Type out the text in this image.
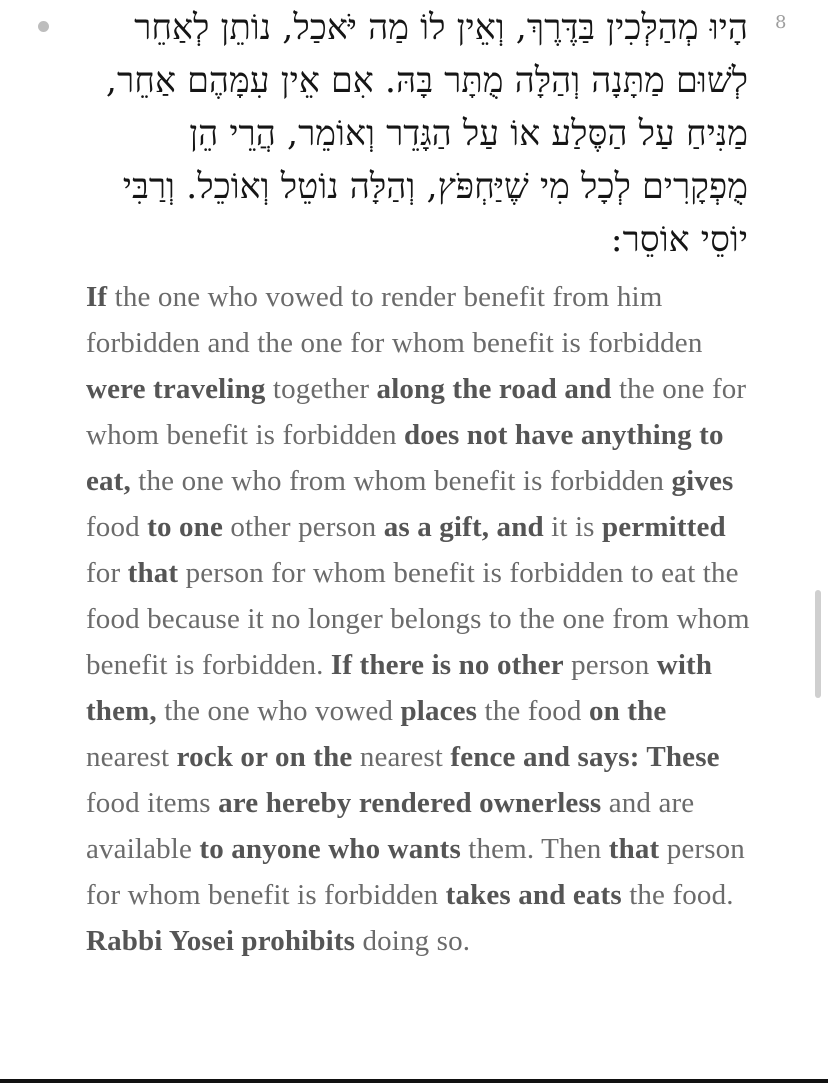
8
הָיוּ מְהַלְּכִין בַּדֶּרֶךְ, וְאֵין לוֹ מַה יֹּאכַל, נוֹתֵן לְאַחֵר לְשׁוּם מַתָּנָה וְהַלָּה מֻתָּר בָּהּ. אִם אֵין עִמָּהֶם אַחֵר, מַנִּיחַ עַל הַסֶּלַע אוֹ עַל הַגָּדֵר וְאוֹמֵר, הֲרֵי הֵן מֻפְקָרִים לְכָל מִי שֶׁיַּחְפֹּץ, וְהַלָּה נוֹטֵל וְאוֹכֵל. וְרַבִּי יוֹסֵי אוֹסֵר:
If the one who vowed to render benefit from him forbidden and the one for whom benefit is forbidden were traveling together along the road and the one for whom benefit is forbidden does not have anything to eat, the one who from whom benefit is forbidden gives food to one other person as a gift, and it is permitted for that person for whom benefit is forbidden to eat the food because it no longer belongs to the one from whom benefit is forbidden. If there is no other person with them, the one who vowed places the food on the nearest rock or on the nearest fence and says: These food items are hereby rendered ownerless and are available to anyone who wants them. Then that person for whom benefit is forbidden takes and eats the food. Rabbi Yosei prohibits doing so.
